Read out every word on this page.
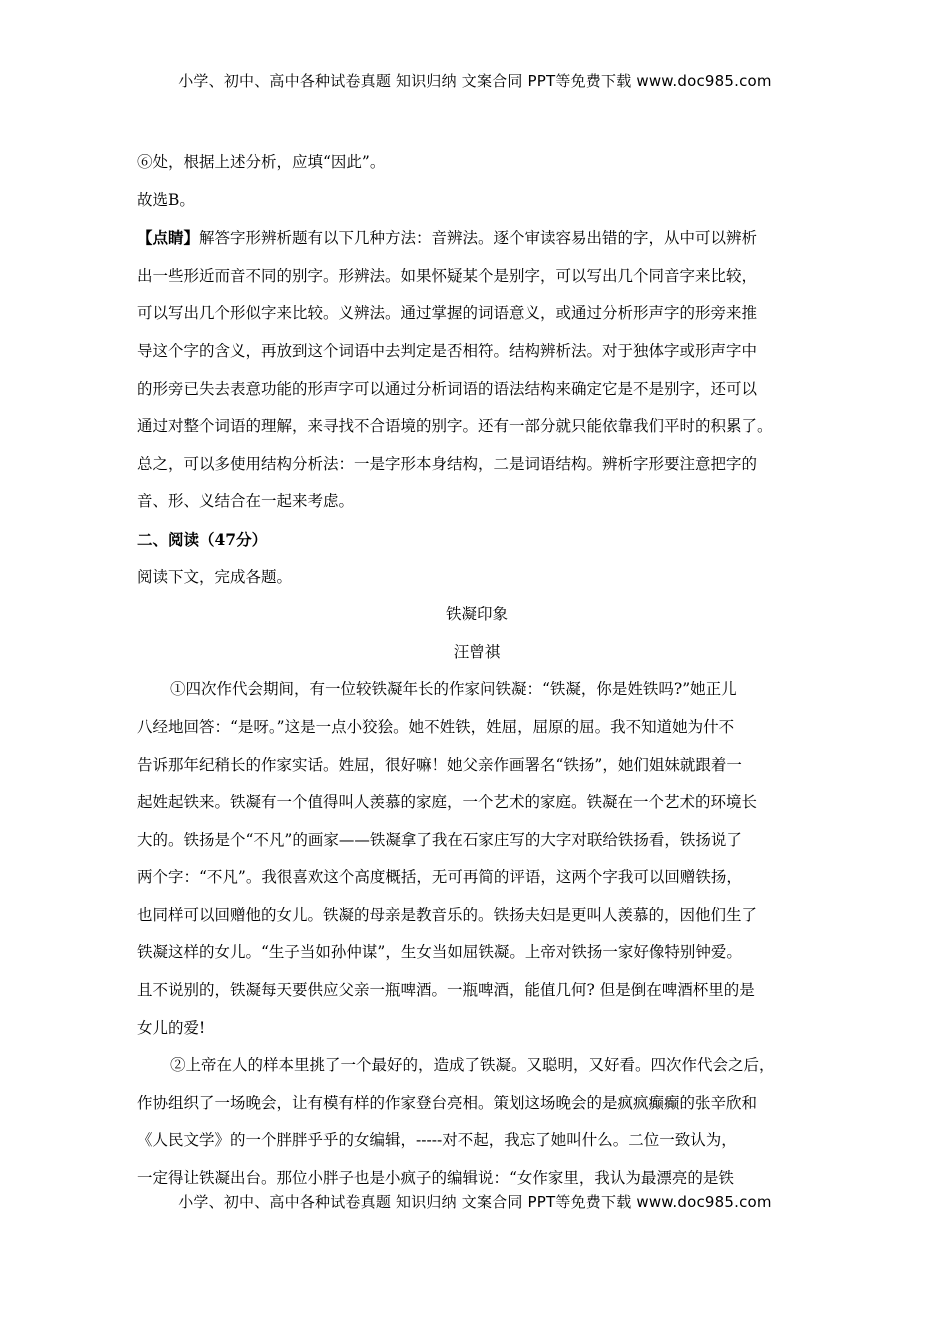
小学、初中、高中各种试卷真题 知识归纳 文案合同 PPT等免费下载 www.doc985.com

⑥处，根据上述分析，应填“因此”。

故选B。

【点睛】解答字形辨析题有以下几种方法：音辨法。逐个审读容易出错的字，从中可以辨析

出一些形近而音不同的别字。形辨法。如果怀疑某个是别字，可以写出几个同音字来比较，

可以写出几个形似字来比较。义辨法。通过掌握的词语意义，或通过分析形声字的形旁来推

导这个字的含义，再放到这个词语中去判定是否相符。结构辨析法。对于独体字或形声字中

的形旁已失去表意功能的形声字可以通过分析词语的语法结构来确定它是不是别字，还可以

通过对整个词语的理解，来寻找不合语境的别字。还有一部分就只能依靠我们平时的积累了。

总之，可以多使用结构分析法：一是字形本身结构，二是词语结构。辨析字形要注意把字的

音、形、义结合在一起来考虑。

二、阅读（47分）

阅读下文，完成各题。

铁凝印象

汪曾祺

①四次作代会期间，有一位较铁凝年长的作家问铁凝：“铁凝，你是姓铁吗?”她正儿

八经地回答：“是呀。”这是一点小狡狯。她不姓铁，姓屈，屈原的屈。我不知道她为什不

告诉那年纪稍长的作家实话。姓屈，很好嘛！她父亲作画署名“铁扬”，她们姐妹就跟着一

起姓起铁来。铁凝有一个值得叫人羡慕的家庭，一个艺术的家庭。铁凝在一个艺术的环境长

大的。铁扬是个“不凡”的画家——铁凝拿了我在石家庄写的大字对联给铁扬看，铁扬说了

两个字：“不凡”。我很喜欢这个高度概括，无可再简的评语，这两个字我可以回赠铁扬，

也同样可以回赠他的女儿。铁凝的母亲是教音乐的。铁扬夫妇是更叫人羡慕的，因他们生了

铁凝这样的女儿。“生子当如孙仲谋”，生女当如屈铁凝。上帝对铁扬一家好像特别钟爱。

且不说别的，铁凝每天要供应父亲一瓶啤酒。一瓶啤酒，能值几何? 但是倒在啤酒杯里的是

女儿的爱!

②上帝在人的样本里挑了一个最好的，造成了铁凝。又聪明，又好看。四次作代会之后，

作协组织了一场晚会，让有模有样的作家登台亮相。策划这场晚会的是疯疯癫癫的张辛欣和

《人民文学》的一个胖胖乎乎的女编辑，-----对不起，我忘了她叫什么。二位一致认为，

一定得让铁凝出台。那位小胖子也是小疯子的编辑说：“女作家里，我认为最漂亮的是铁

小学、初中、高中各种试卷真题 知识归纳 文案合同 PPT等免费下载 www.doc985.com
